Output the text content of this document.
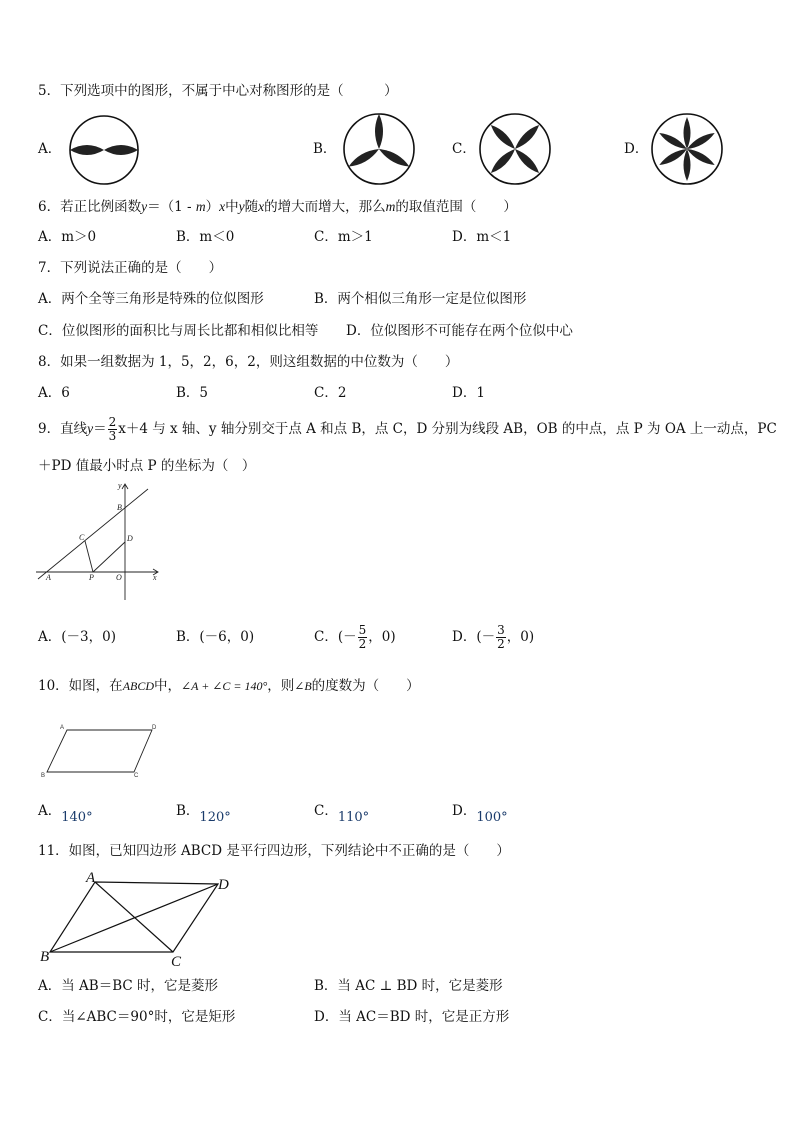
5．下列选项中的图形，不属于中心对称图形的是（　　　）
A．	B．	C．	D．
6．若正比例函数y＝（1 - m）x中y随x的增大而增大，那么m的取值范围（　　）
A．m＞0	B．m＜0	C．m＞1	D．m＜1
7．下列说法正确的是（　　）
A．两个全等三角形是特殊的位似图形	B．两个相似三角形一定是位似图形
C．位似图形的面积比与周长比都和相似比相等 D．位似图形不可能存在两个位似中心
8．如果一组数据为 1，5，2，6，2，则这组数据的中位数为（　　）
A．6	B．5	C．2	D．1
9．直线$y= \frac{2}{3} x+4$ 与 x 轴、y 轴分别交于点 A 和点 B，点 C，D 分别为线段 AB，OB 的中点，点 P 为 OA 上一动点，PC
＋PD 值最小时点 P 的坐标为（　）
y
B
C	D
A	P	O	x
A．(－3，0)	B．(－6，0)	C．(－ $\frac{5}{2}$ ，0)	D．(－ $\frac{3}{2}$ ，0)
10．如图，在ABCD中，∠A + ∠C = 140°，则∠B的度数为（　　）
A	D
B	C
A．140°	B．120°	C．110°	D．100°
11．如图，已知四边形 ABCD 是平行四边形，下列结论中不正确的是（　　）
A	D
B	C
A．当 AB＝BC 时，它是菱形	B．当 AC ⊥ BD 时，它是菱形
C．当∠ABC＝90°时，它是矩形	D．当 AC＝BD 时，它是正方形
